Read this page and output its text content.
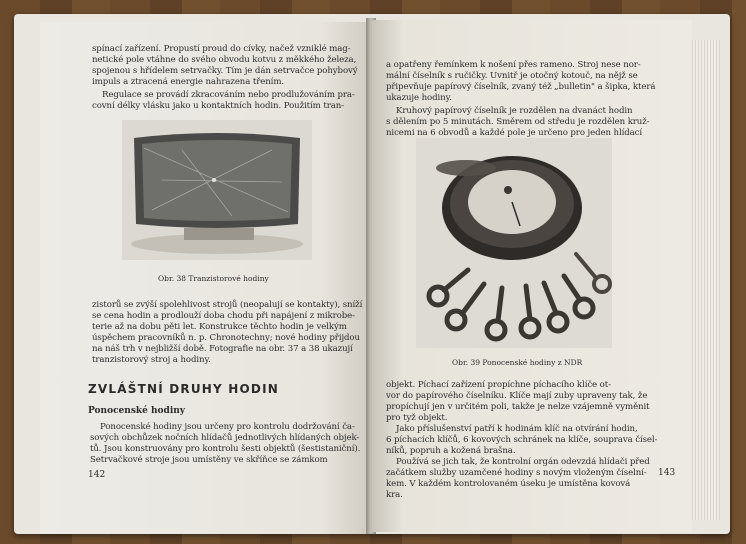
spínací zařízení. Propustí proud do cívky, načež vzniklé mag-
netické pole vtáhne do svého obvodu kotvu z měkkého železa,
spojenou s hřídelem setrvačky. Tím je dán setrvačce pohybový
impuls a ztracená energie nahrazena třením.
Regulace se provádí zkracováním nebo prodlužováním pra-
covní délky vlásku jako u kontaktních hodin. Použitím tran-
Obr. 38 Tranzistorové hodiny
zistorů se zvýší spolehlivost strojů (neopalují se kontakty), sníží
se cena hodin a prodlouží doba chodu při napájení z mikrobe-
terie až na dobu pěti let. Konstrukce těchto hodin je velkým
úspěchem pracovníků n. p. Chronotechny; nové hodiny přijdou
na náš trh v nejbližší době. Fotografie na obr. 37 a 38 ukazují
tranzistorový stroj a hodiny.
ZVLÁŠTNÍ DRUHY HODIN
Ponocenské hodiny
Ponocenské hodiny jsou určeny pro kontrolu dodržování ča-
sových obchůzek nočních hlídačů jednotlivých hlídaných objek-
tů. Jsou konstruovány pro kontrolu šesti objektů (šestistaniční).
Setrvačkové stroje jsou umístěny ve skříňce se zámkom
142
a opatřeny řemínkem k nošení přes rameno. Stroj nese nor-
mální číselník s ručičky. Uvnitř je otočný kotouč, na nějž se
připevňuje papírový číselník, zvaný též „bulletin" a šipka, která
ukazuje hodiny.
Kruhový papírový číselník je rozdělen na dvanáct hodin
s dělením po 5 minutách. Směrem od středu je rozdělen kruž-
nicemi na 6 obvodů a každé pole je určeno pro jeden hlídací
Obr. 39 Ponocenské hodiny z NDR
objekt. Píchací zařízení propíchne píchacího klíče ot-
vor do papírového číselníku. Klíče mají zuby upraveny tak, že
propíchují jen v určitém poli, takže je nelze vzájemně vyměnit
pro tyž objekt.
Jako příslušenství patří k hodinám klíč na otvírání hodin,
6 píchacích klíčů, 6 kovových schránek na klíče, souprava čísel-
níků, popruh a kožená brašna.
Používá se jich tak, že kontrolní orgán odevzdá hlídači před
začátkem služby uzamčené hodiny s novým vloženým číselní-
kem. V každém kontrolovaném úseku je umístěna kovová
kra.
143
